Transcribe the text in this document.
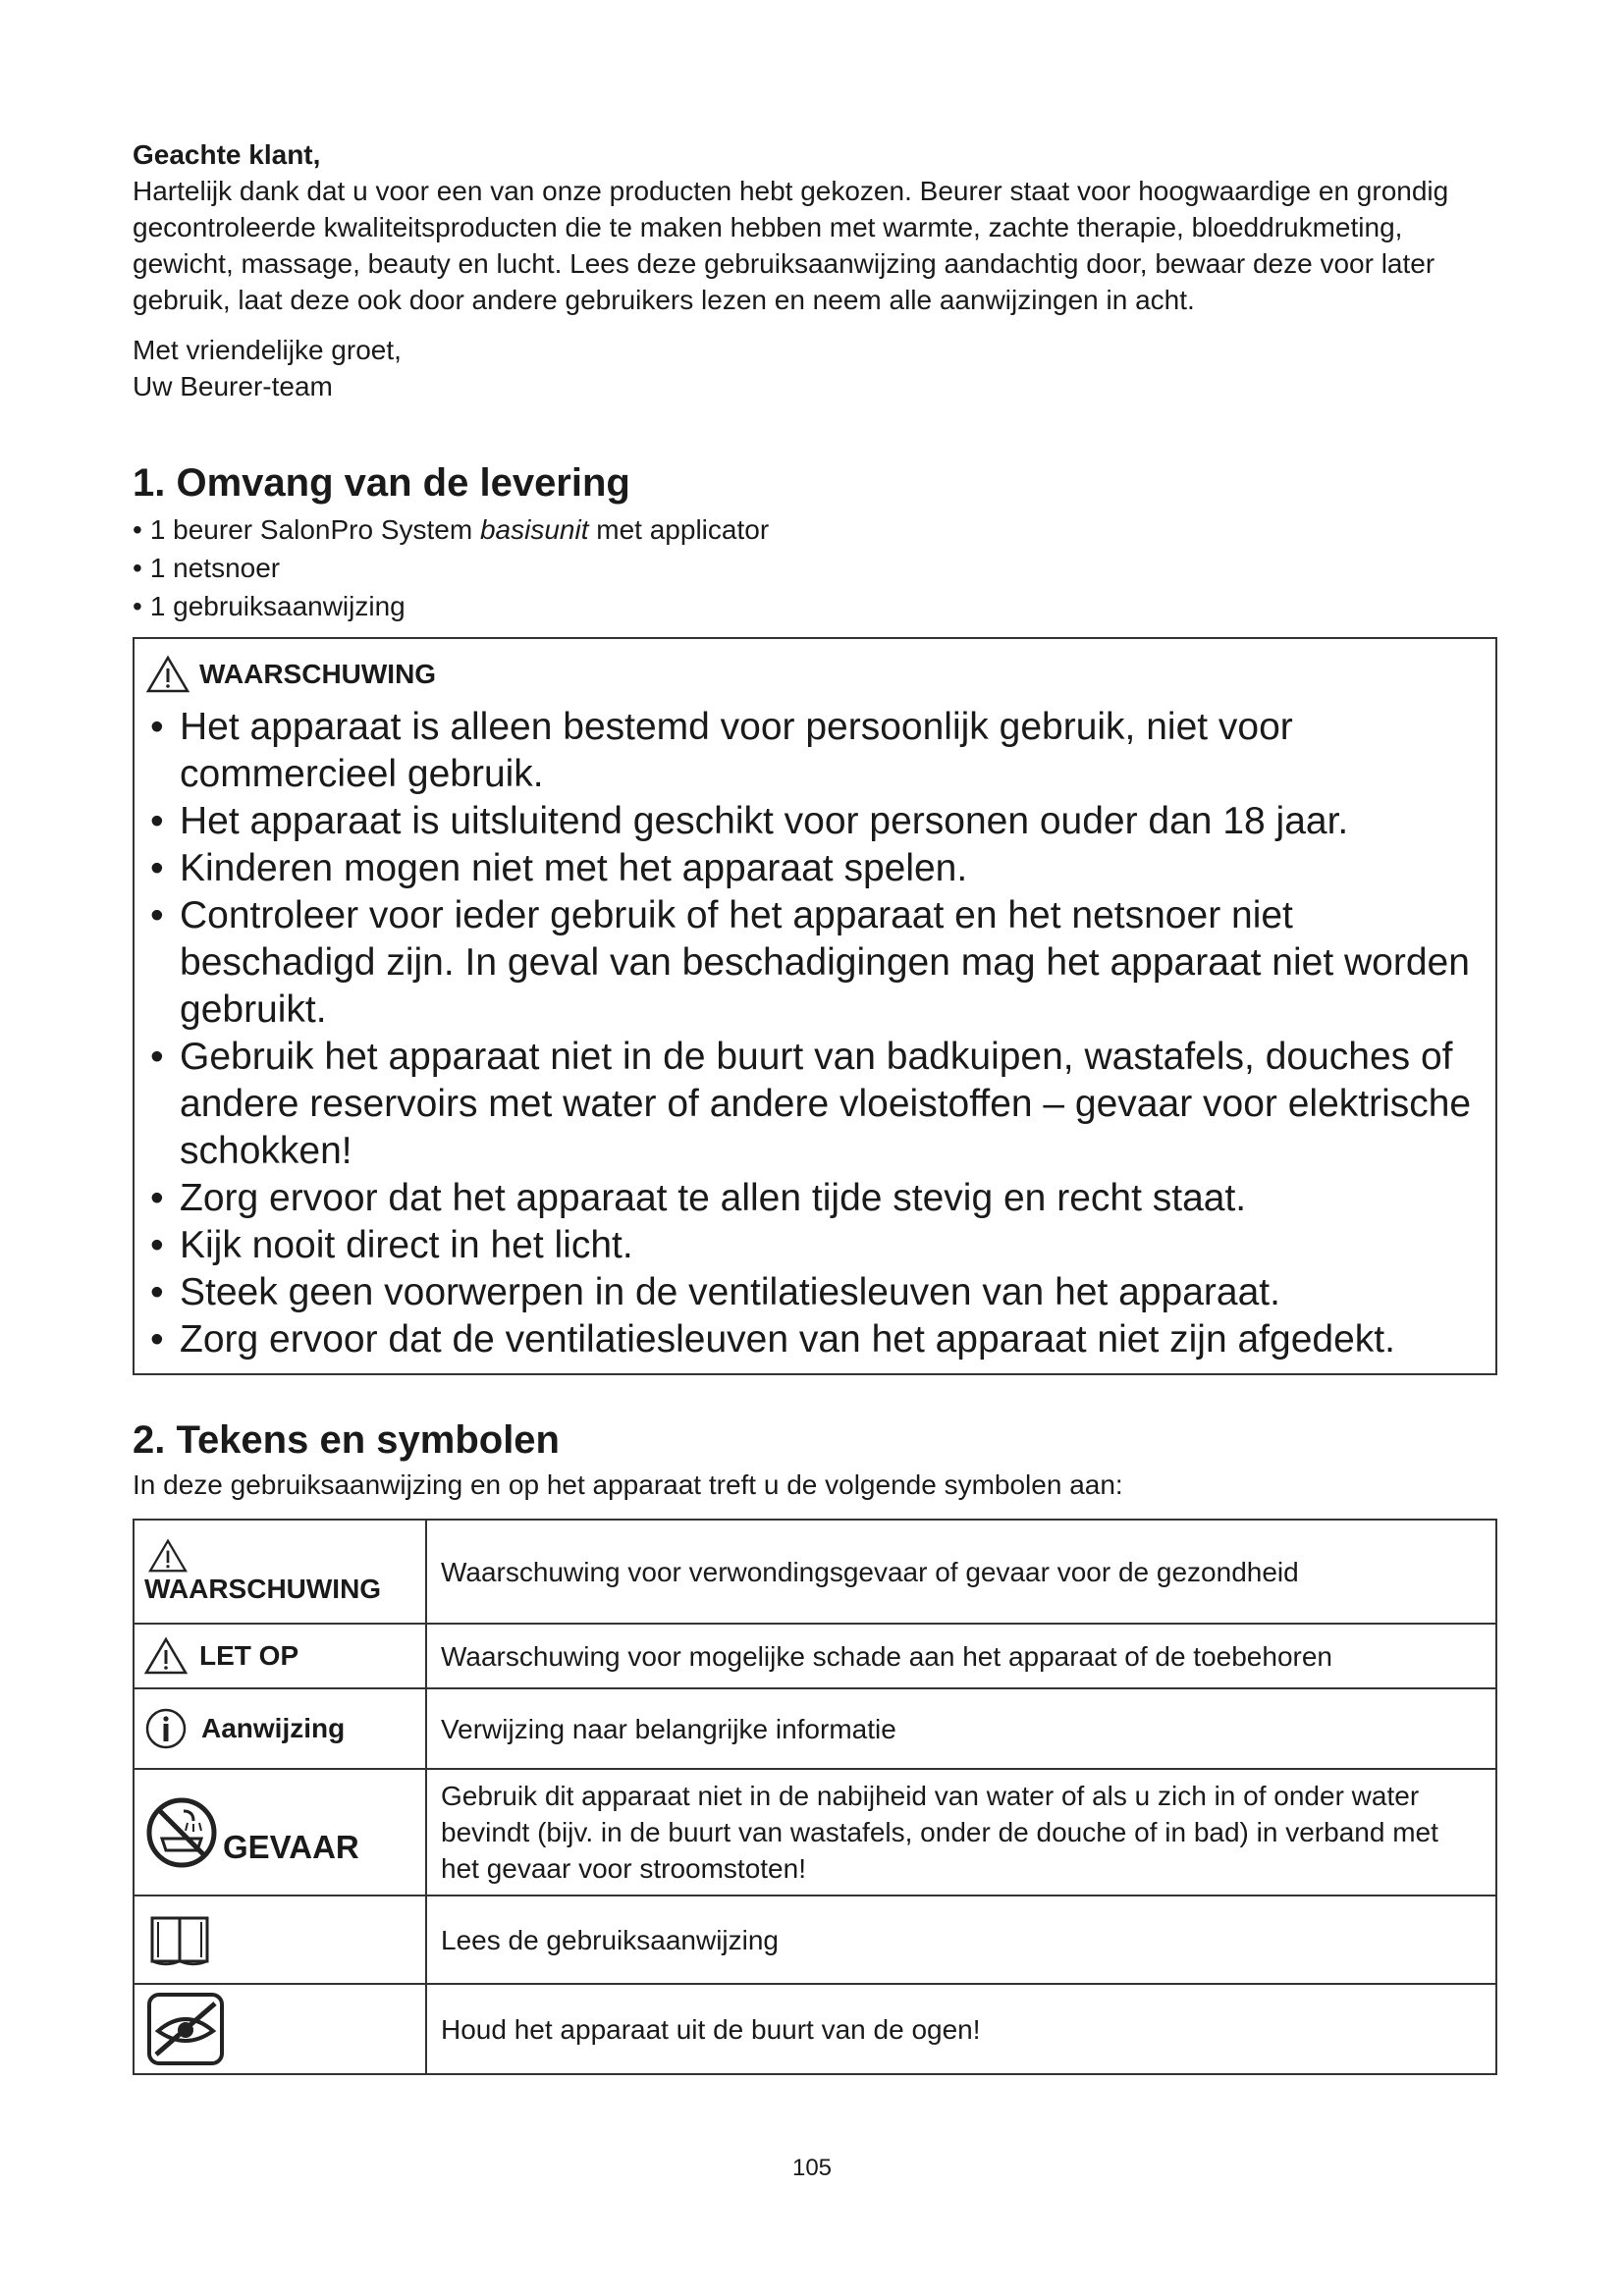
Geachte klant,

Hartelijk dank dat u voor een van onze producten hebt gekozen. Beurer staat voor hoogwaardige en grondig gecontroleerde kwaliteitsproducten die te maken hebben met warmte, zachte therapie, bloeddrukmeting, gewicht, massage, beauty en lucht. Lees deze gebruiksaanwijzing aandachtig door, bewaar deze voor later gebruik, laat deze ook door andere gebruikers lezen en neem alle aanwijzingen in acht.

Met vriendelijke groet,
Uw Beurer-team
1. Omvang van de levering
• 1 beurer SalonPro System basisunit met applicator
• 1 netsnoer
• 1 gebruiksaanwijzing
WAARSCHUWING
• Het apparaat is alleen bestemd voor persoonlijk gebruik, niet voor commercieel gebruik.
• Het apparaat is uitsluitend geschikt voor personen ouder dan 18 jaar.
• Kinderen mogen niet met het apparaat spelen.
• Controleer voor ieder gebruik of het apparaat en het netsnoer niet beschadigd zijn. In geval van beschadigingen mag het apparaat niet worden gebruikt.
• Gebruik het apparaat niet in de buurt van badkuipen, wastafels, douches of andere reservoirs met water of andere vloeistoffen – gevaar voor elektrische schokken!
• Zorg ervoor dat het apparaat te allen tijde stevig en recht staat.
• Kijk nooit direct in het licht.
• Steek geen voorwerpen in de ventilatiesleuven van het apparaat.
• Zorg ervoor dat de ventilatiesleuven van het apparaat niet zijn afgedekt.
2. Tekens en symbolen
In deze gebruiksaanwijzing en op het apparaat treft u de volgende symbolen aan:
WAARSCHUWING	Waarschuwing voor verwondingsgevaar of gevaar voor de gezondheid

LET OP	Waarschuwing voor mogelijke schade aan het apparaat of de toebehoren

Aanwijzing	Verwijzing naar belangrijke informatie

GEVAAR	Gebruik dit apparaat niet in de nabijheid van water of als u zich in of onder water bevindt (bijv. in de buurt van wastafels, onder de douche of in bad) in verband met het gevaar voor stroomstoten!

	Lees de gebruiksaanwijzing

	Houd het apparaat uit de buurt van de ogen!
105
